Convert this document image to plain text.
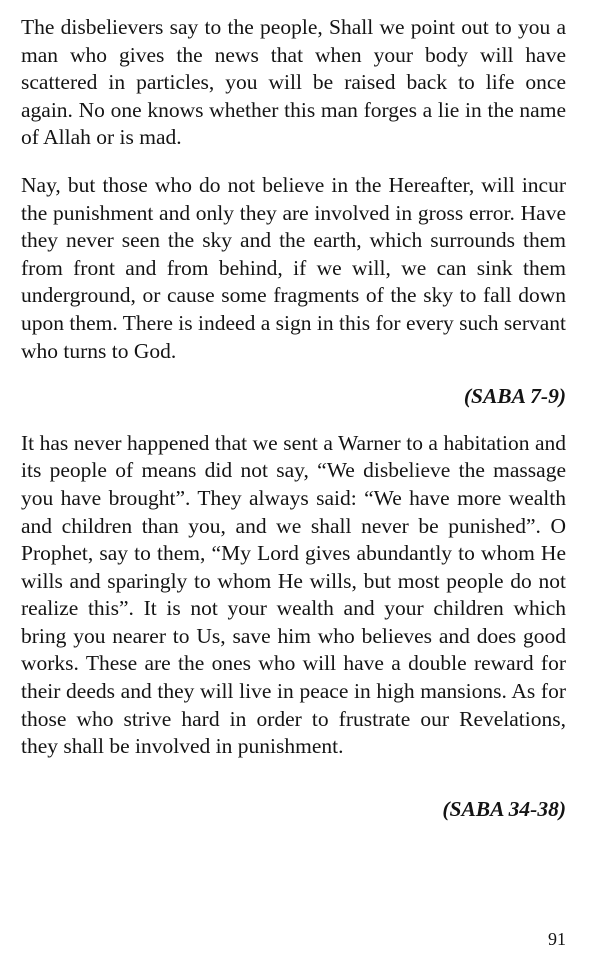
The disbelievers say to the people, Shall we point out to you a man who gives the news that when your body will have scattered in particles, you will be raised back to life once again. No one knows whether this man forges a lie in the name of Allah or is mad.

Nay, but those who do not believe in the Hereafter, will incur the punishment and only they are involved in gross error. Have they never seen the sky and the earth, which surrounds them from front and from behind, if we will, we can sink them underground, or cause some fragments of the sky to fall down upon them. There is indeed a sign in this for every such servant who turns to God.

(SABA 7-9)

It has never happened that we sent a Warner to a habitation and its people of means did not say, “We disbelieve the massage you have brought”. They always said: “We have more wealth and children than you, and we shall never be punished”. O Prophet, say to them, “My Lord gives abundantly to whom He wills and sparingly to whom He wills, but most people do not realize this”. It is not your wealth and your children which bring you nearer to Us, save him who believes and does good works. These are the ones who will have a double reward for their deeds and they will live in peace in high mansions. As for those who strive hard in order to frustrate our Revelations, they shall be involved in punishment.

(SABA 34-38)

91
